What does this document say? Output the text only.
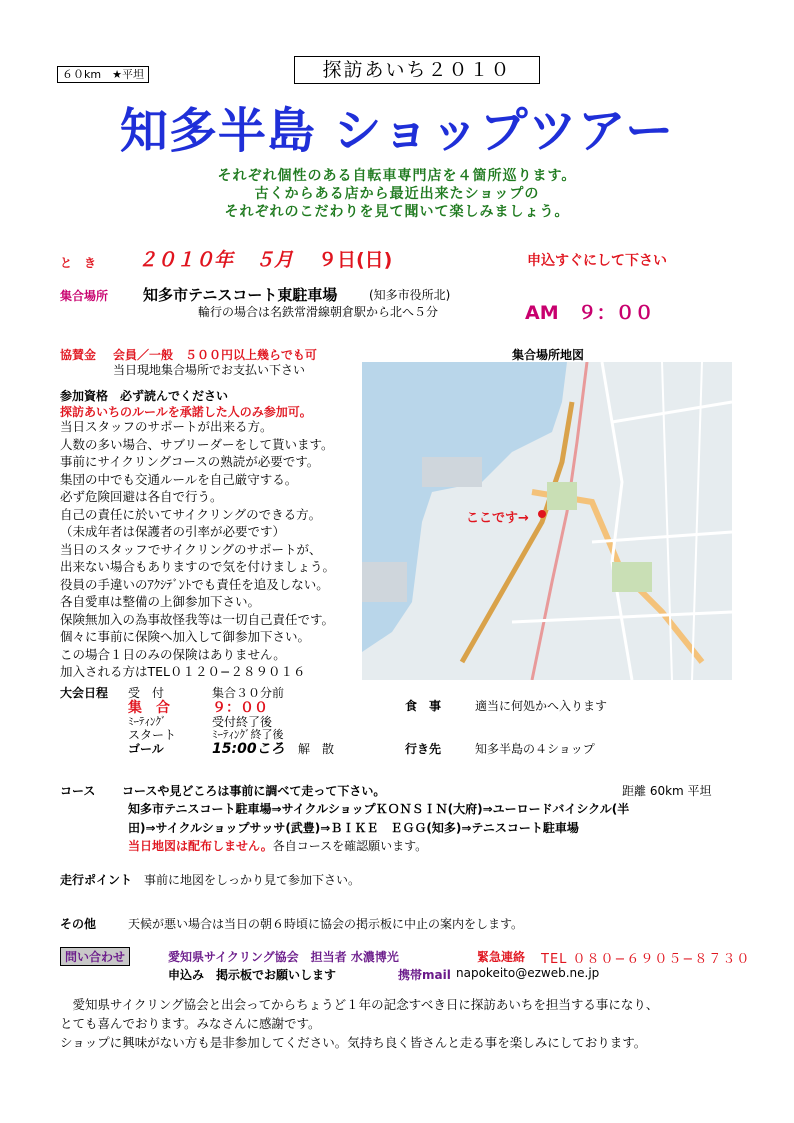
６０km　★平坦	探訪あいち２０１０
知多半島 ショップツアー
それぞれ個性のある自転車専門店を４箇所巡ります。
古くからある店から最近出来たショップの
それぞれのこだわりを見て聞いて楽しみましょう。
と　き ２０１０年 ５月 ９日(日)	申込すぐにして下さい
集合場所 知多市テニスコート東駐車場	(知多市役所北)
輪行の場合は名鉄常滑線朝倉駅から北へ５分	AM　９：００
協賛金 会員／一般　５００円以上幾らでも可
当日現地集合場所でお支払い下さい
集合場所地図
参加資格　必ず読んでください
探訪あいちのルールを承諾した人のみ参加可。
当日スタッフのサポートが出来る方。
人数の多い場合、サブリーダーをして貰います。
事前にサイクリングコースの熟読が必要です。
集団の中でも交通ルールを自己厳守する。
必ず危険回避は各自で行う。
自己の責任に於いてサイクリングのできる方。
（未成年者は保護者の引率が必要です）
当日のスタッフでサイクリングのサポートが、
出来ない場合もありますので気を付けましょう。
役員の手違いのｱｸｼﾃﾞﾝﾄでも責任を追及しない。
各自愛車は整備の上御参加下さい。
保険無加入の為事故怪我等は一切自己責任です。
個々に事前に保険へ加入して御参加下さい。
この場合１日のみの保険はありません。
加入される方はTEL０１２０−２８９０１６
ここです→
大会日程 受　付	集合３０分前
集　合	９：００
ﾐｰﾃｨﾝｸﾞ	受付終了後
スタート	ﾐｰﾃｨﾝｸﾞ終了後
ゴール	15:00ころ 解　散
食　事	適当に何処かへ入ります
行き先	知多半島の４ショップ
コース コースや見どころは事前に調べて走って下さい。	距離 60km 平坦
知多市テニスコート駐車場⇒サイクルショップＫＯＮＳＩＮ(大府)⇒ユーロードバイシクル(半
田)⇒サイクルショップサッサ(武豊)⇒ＢＩＫＥ　ＥＧＧ(知多)⇒テニスコート駐車場
当日地図は配布しません。各自コースを確認願います。
走行ポイント 事前に地図をしっかり見て参加下さい。
その他	天候が悪い場合は当日の朝６時頃に協会の掲示板に中止の案内をします。
問い合わせ	愛知県サイクリング協会　担当者 水濃博光	緊急連絡 TEL ０８０−６９０５−８７３０
申込み　掲示板でお願いします	携帯mail napokeito@ezweb.ne.jp
　愛知県サイクリング協会と出会ってからちょうど１年の記念すべき日に探訪あいちを担当する事になり、
とても喜んでおります。みなさんに感謝です。
ショップに興味がない方も是非参加してください。気持ち良く皆さんと走る事を楽しみにしております。
